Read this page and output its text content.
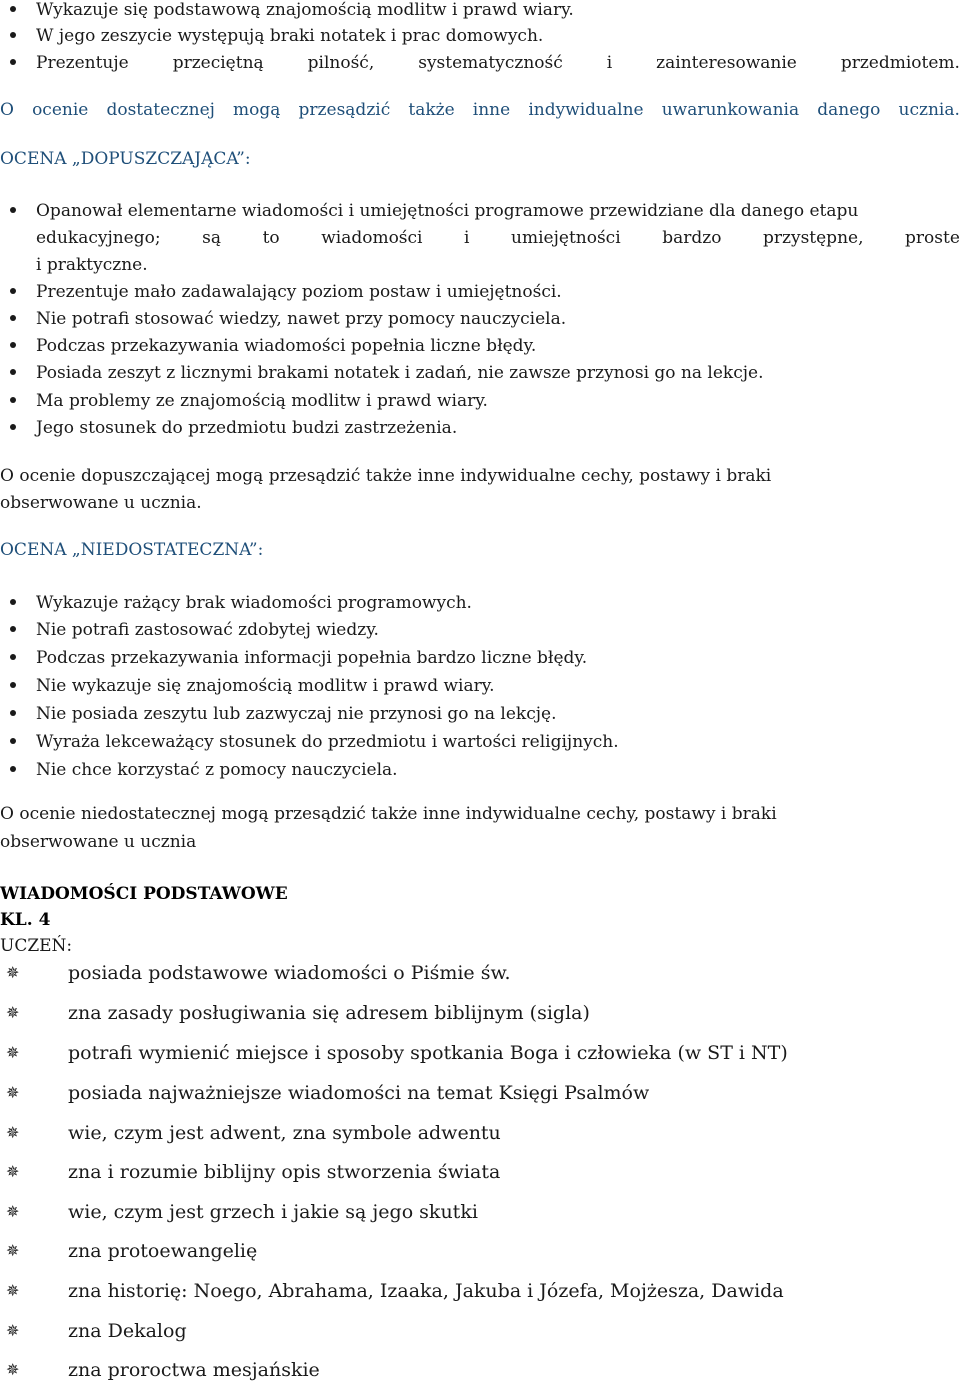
Wykazuje się podstawową znajomością modlitw i prawd wiary.
W jego zeszycie występują braki notatek i prac domowych.
Prezentuje	przeciętną	pilność,	systematyczność	i	zainteresowanie	przedmiotem.
O ocenie dostatecznej mogą przesądzić także inne indywidualne uwarunkowania danego ucznia.
OCENA „DOPUSZCZAJĄCA”:
Opanował elementarne wiadomości i umiejętności programowe przewidziane dla danego etapu
edukacyjnego; są to wiadomości i umiejętności bardzo przystępne, proste
i praktyczne.
Prezentuje mało zadawalający poziom postaw i umiejętności.
Nie potrafi stosować wiedzy, nawet przy pomocy nauczyciela.
Podczas przekazywania wiadomości popełnia liczne błędy.
Posiada zeszyt z licznymi brakami notatek i zadań, nie zawsze przynosi go na lekcje.
Ma problemy ze znajomością modlitw i prawd wiary.
Jego stosunek do przedmiotu budzi zastrzeżenia.
O ocenie dopuszczającej mogą przesądzić także inne indywidualne cechy, postawy i braki
obserwowane u ucznia.
OCENA „NIEDOSTATECZNA”:
Wykazuje rażący brak wiadomości programowych.
Nie potrafi zastosować zdobytej wiedzy.
Podczas przekazywania informacji popełnia bardzo liczne błędy.
Nie wykazuje się znajomością modlitw i prawd wiary.
Nie posiada zeszytu lub zazwyczaj nie przynosi go na lekcję.
Wyraża lekceważący stosunek do przedmiotu i wartości religijnych.
Nie chce korzystać z pomocy nauczyciela.
O ocenie niedostatecznej mogą przesądzić także inne indywidualne cechy, postawy i braki
obserwowane u ucznia
WIADOMOŚCI PODSTAWOWE
KL. 4
UCZEŃ:
✵	posiada podstawowe wiadomości o Piśmie św.
✵	zna zasady posługiwania się adresem biblijnym (sigla)
✵	potrafi wymienić miejsce i sposoby spotkania Boga i człowieka (w ST i NT)
✵	posiada najważniejsze wiadomości na temat Księgi Psalmów
✵	wie, czym jest adwent, zna symbole adwentu
✵	zna i rozumie biblijny opis stworzenia świata
✵	wie, czym jest grzech i jakie są jego skutki
✵	zna protoewangelię
✵	zna historię: Noego, Abrahama, Izaaka, Jakuba i Józefa, Mojżesza, Dawida
✵	zna Dekalog
✵	zna proroctwa mesjańskie
